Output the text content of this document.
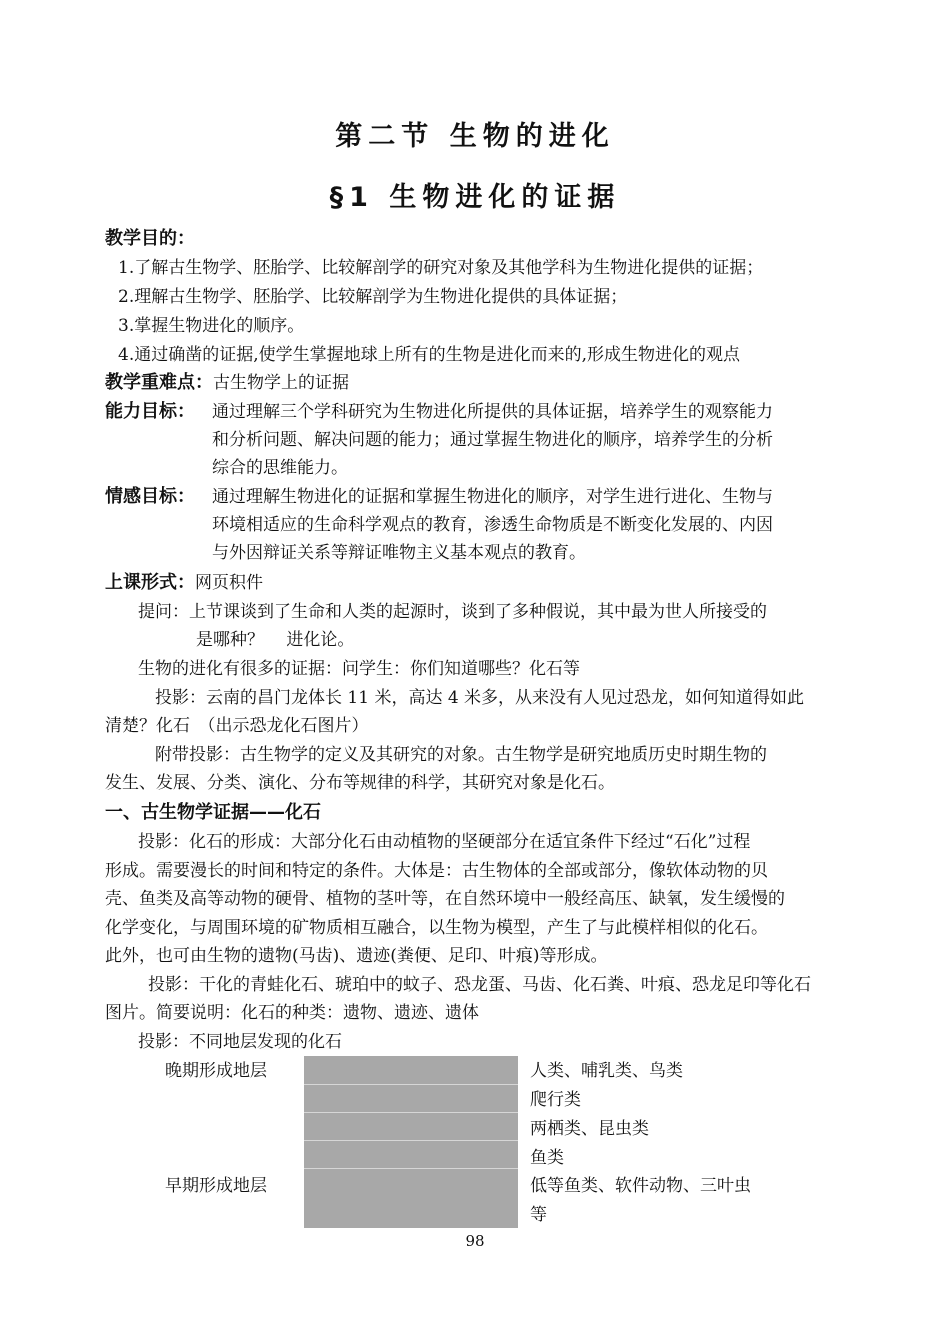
第二节 生物的进化
§1 生物进化的证据
教学目的：
1.了解古生物学、胚胎学、比较解剖学的研究对象及其他学科为生物进化提供的证据；
2.理解古生物学、胚胎学、比较解剖学为生物进化提供的具体证据；
3.掌握生物进化的顺序。
4.通过确凿的证据,使学生掌握地球上所有的生物是进化而来的,形成生物进化的观点
教学重难点：古生物学上的证据
能力目标： 通过理解三个学科研究为生物进化所提供的具体证据，培养学生的观察能力
和分析问题、解决问题的能力；通过掌握生物进化的顺序，培养学生的分析
综合的思维能力。
情感目标： 通过理解生物进化的证据和掌握生物进化的顺序，对学生进行进化、生物与
环境相适应的生命科学观点的教育，渗透生命物质是不断变化发展的、内因
与外因辩证关系等辩证唯物主义基本观点的教育。
上课形式：网页积件
提问：上节课谈到了生命和人类的起源时，谈到了多种假说，其中最为世人所接受的
是哪种？　 进化论。
生物的进化有很多的证据：问学生：你们知道哪些？化石等
投影：云南的昌门龙体长 11 米，高达 4 米多，从来没有人见过恐龙，如何知道得如此
清楚？化石　（出示恐龙化石图片）
附带投影：古生物学的定义及其研究的对象。古生物学是研究地质历史时期生物的
发生、发展、分类、演化、分布等规律的科学，其研究对象是化石。
一、古生物学证据——化石
投影：化石的形成：大部分化石由动植物的坚硬部分在适宜条件下经过“石化”过程
形成。需要漫长的时间和特定的条件。大体是：古生物体的全部或部分，像软体动物的贝
壳、鱼类及高等动物的硬骨、植物的茎叶等，在自然环境中一般经高压、缺氧，发生缓慢的
化学变化，与周围环境的矿物质相互融合，以生物为模型，产生了与此模样相似的化石。
此外，也可由生物的遗物(马齿)、遗迹(粪便、足印、叶痕)等形成。
投影：干化的青蛙化石、琥珀中的蚊子、恐龙蛋、马齿、化石粪、叶痕、恐龙足印等化石
图片。简要说明：化石的种类：遗物、遗迹、遗体
投影：不同地层发现的化石
晚期形成地层
早期形成地层
人类、哺乳类、鸟类
爬行类
两栖类、昆虫类
鱼类
低等鱼类、软件动物、三叶虫
等
98
